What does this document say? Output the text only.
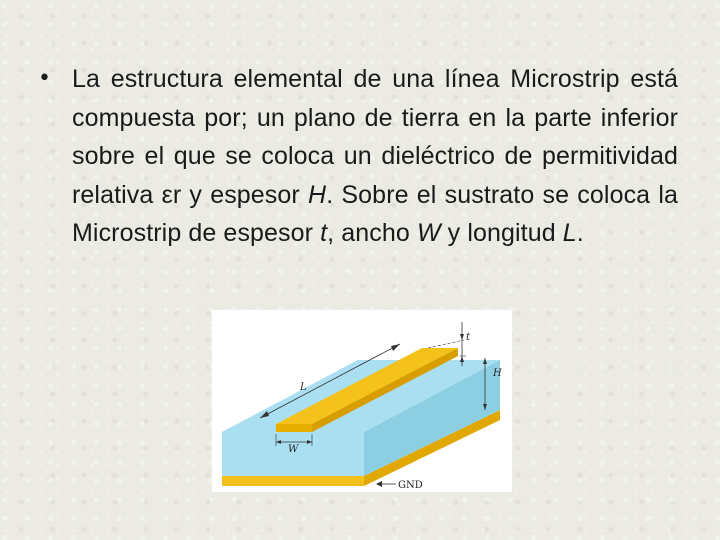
• La estructura elemental de una línea Microstrip está compuesta por; un plano de tierra en la parte inferior sobre el que se coloca un dieléctrico de permitividad relativa εr y espesor H. Sobre el sustrato se coloca la Microstrip de espesor t, ancho W y longitud L.

L
W
t
H
GND
